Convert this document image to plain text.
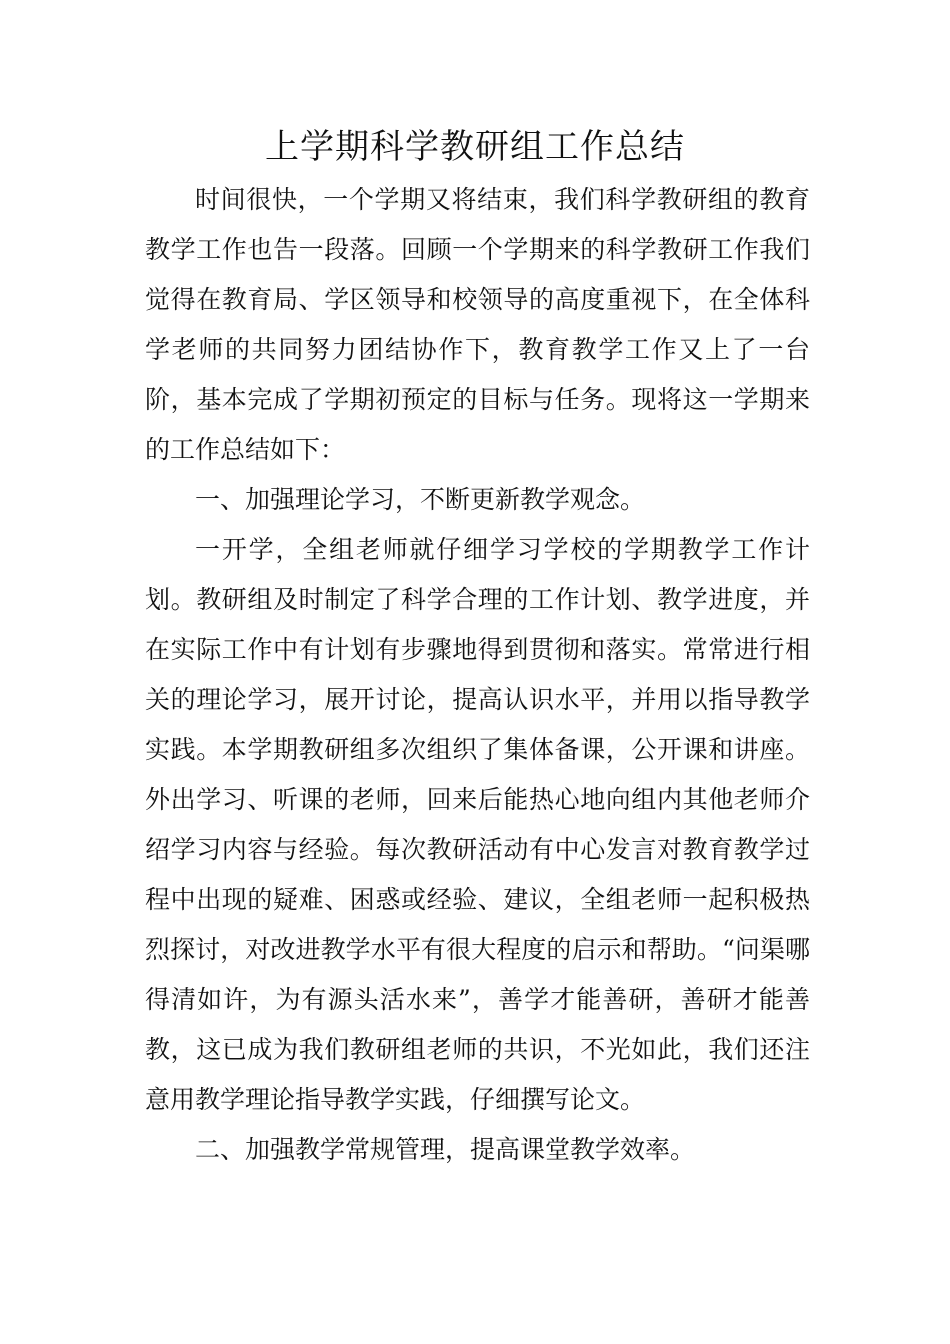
上学期科学教研组工作总结

时间很快，一个学期又将结束，我们科学教研组的教育教学工作也告一段落。回顾一个学期来的科学教研工作我们觉得在教育局、学区领导和校领导的高度重视下，在全体科学老师的共同努力团结协作下，教育教学工作又上了一台阶，基本完成了学期初预定的目标与任务。现将这一学期来的工作总结如下：

一、加强理论学习，不断更新教学观念。

一开学，全组老师就仔细学习学校的学期教学工作计划。教研组及时制定了科学合理的工作计划、教学进度，并在实际工作中有计划有步骤地得到贯彻和落实。常常进行相关的理论学习，展开讨论，提高认识水平，并用以指导教学实践。本学期教研组多次组织了集体备课，公开课和讲座。外出学习、听课的老师，回来后能热心地向组内其他老师介绍学习内容与经验。每次教研活动有中心发言对教育教学过程中出现的疑难、困惑或经验、建议，全组老师一起积极热烈探讨，对改进教学水平有很大程度的启示和帮助。“问渠哪得清如许，为有源头活水来”，善学才能善研，善研才能善教，这已成为我们教研组老师的共识，不光如此，我们还注意用教学理论指导教学实践，仔细撰写论文。

二、加强教学常规管理，提高课堂教学效率。
